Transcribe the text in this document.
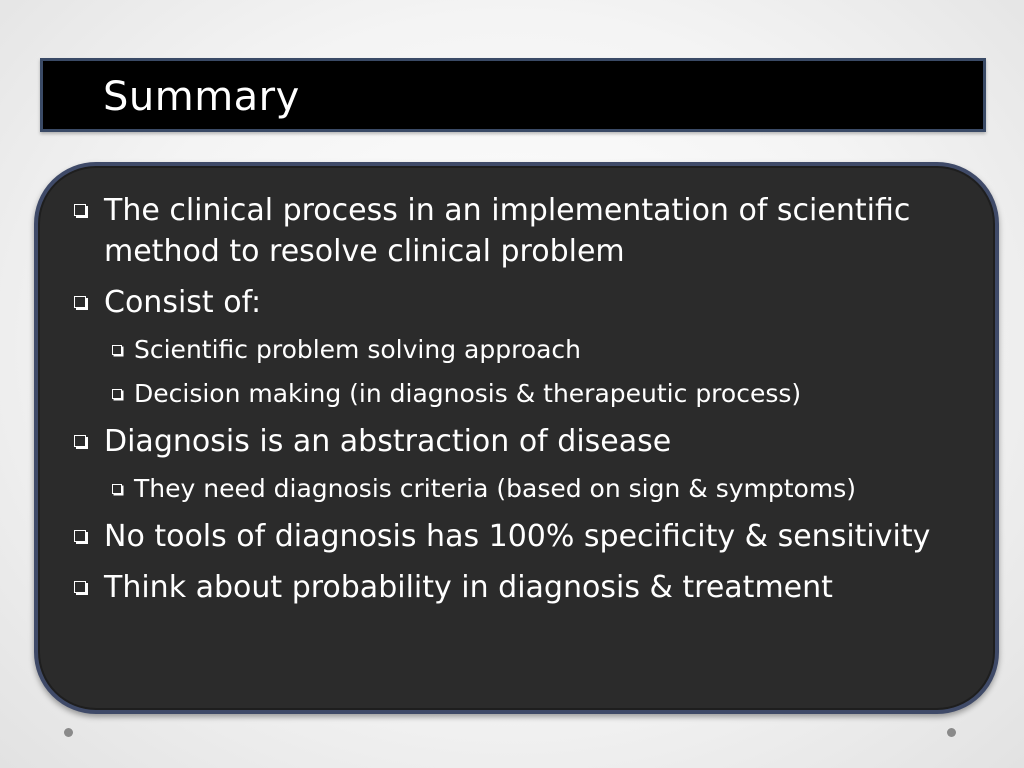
Summary
The clinical process in an implementation of scientific method to resolve clinical problem
Consist of:
Scientific problem solving approach
Decision making (in diagnosis & therapeutic process)
Diagnosis is an abstraction of disease
They need diagnosis criteria (based on sign & symptoms)
No tools of diagnosis has 100% specificity & sensitivity
Think about probability in diagnosis & treatment
